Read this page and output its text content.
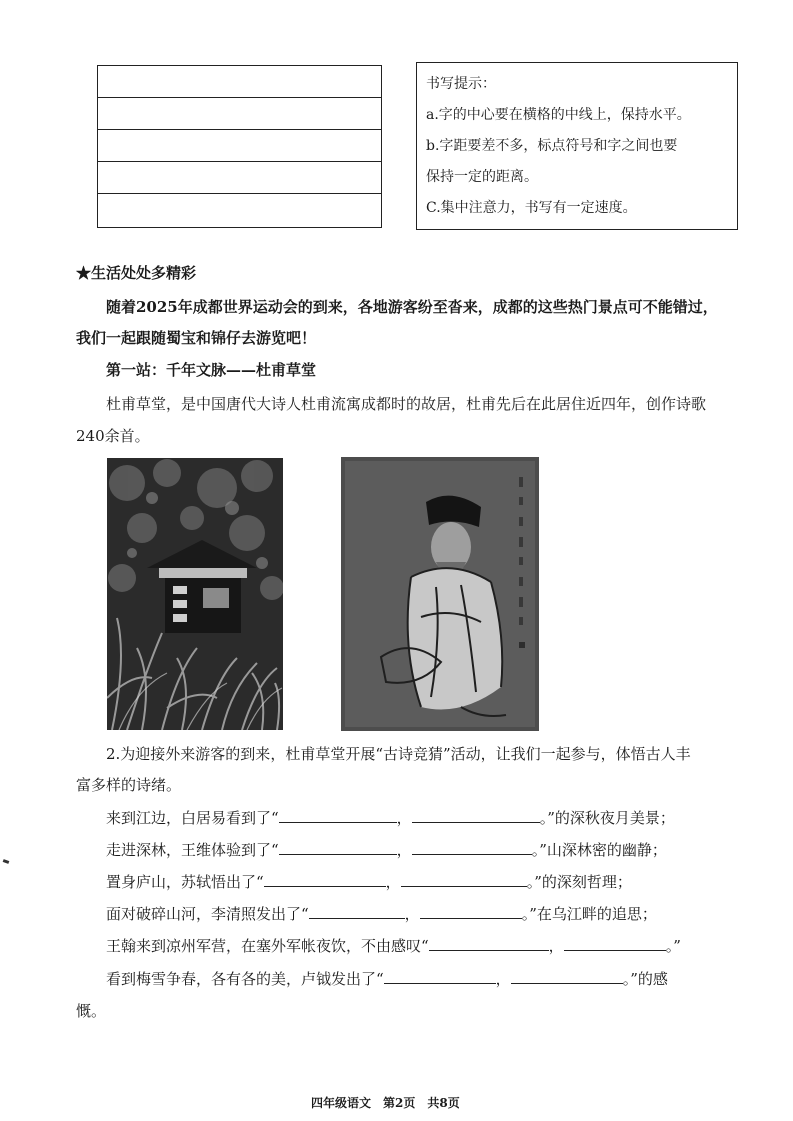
书写提示：
a.字的中心要在横格的中线上，保持水平。
b.字距要差不多，标点符号和字之间也要
保持一定的距离。
C.集中注意力，书写有一定速度。
★生活处处多精彩
随着2025年成都世界运动会的到来，各地游客纷至沓来，成都的这些热门景点可不能错过，
我们一起跟随蜀宝和锦仔去游览吧！
第一站：千年文脉——杜甫草堂
杜甫草堂，是中国唐代大诗人杜甫流寓成都时的故居，杜甫先后在此居住近四年，创作诗歌
240余首。
2.为迎接外来游客的到来，杜甫草堂开展“古诗竞猜”活动，让我们一起参与，体悟古人丰
富多样的诗绪。
来到江边，白居易看到了“	，	。”的深秋夜月美景；
走进深林，王维体验到了“	，	。”山深林密的幽静；
置身庐山，苏轼悟出了“	，	。”的深刻哲理；
面对破碎山河，李清照发出了“	，	。”在乌江畔的追思；
王翰来到凉州军营，在塞外军帐夜饮，不由感叹“	，	。”
看到梅雪争春，各有各的美，卢钺发出了“	，	。”的感
慨。
四年级语文　第2页　共8页
